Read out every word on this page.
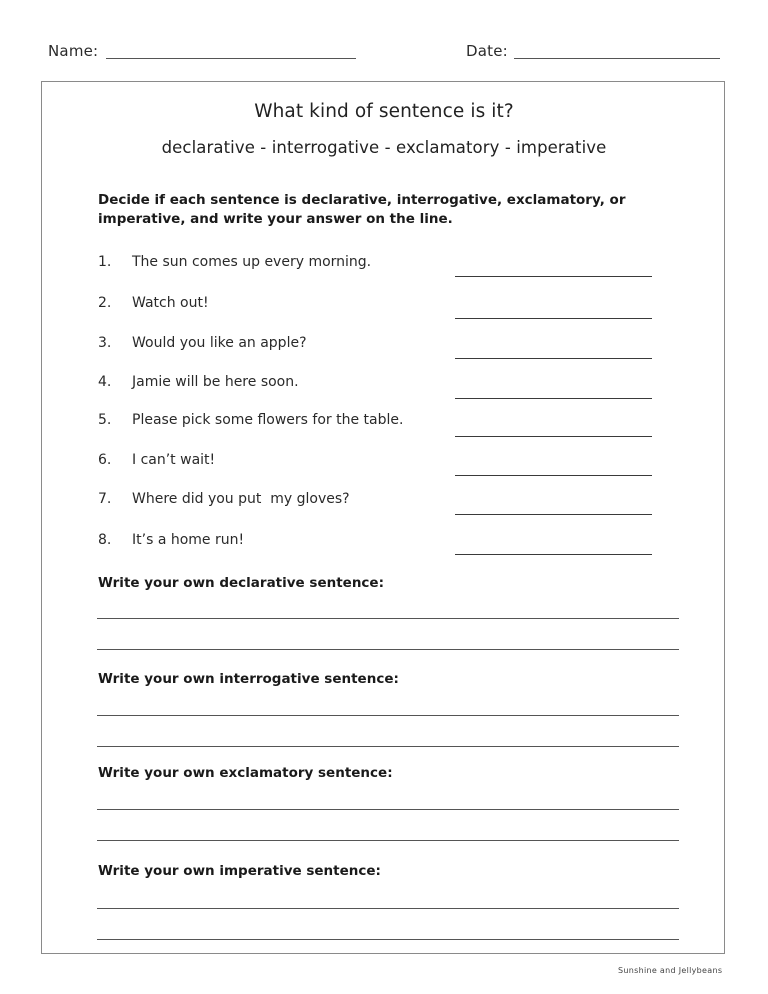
Name:	Date:
What kind of sentence is it?
declarative - interrogative - exclamatory - imperative
Decide if each sentence is declarative, interrogative, exclamatory, or imperative, and write your answer on the line.
1. The sun comes up every morning.
2. Watch out!
3. Would you like an apple?
4. Jamie will be here soon.
5. Please pick some flowers for the table.
6. I can’t wait!
7. Where did you put  my gloves?
8. It’s a home run!
Write your own declarative sentence:
Write your own interrogative sentence:
Write your own exclamatory sentence:
Write your own imperative sentence:
Sunshine and Jellybeans
